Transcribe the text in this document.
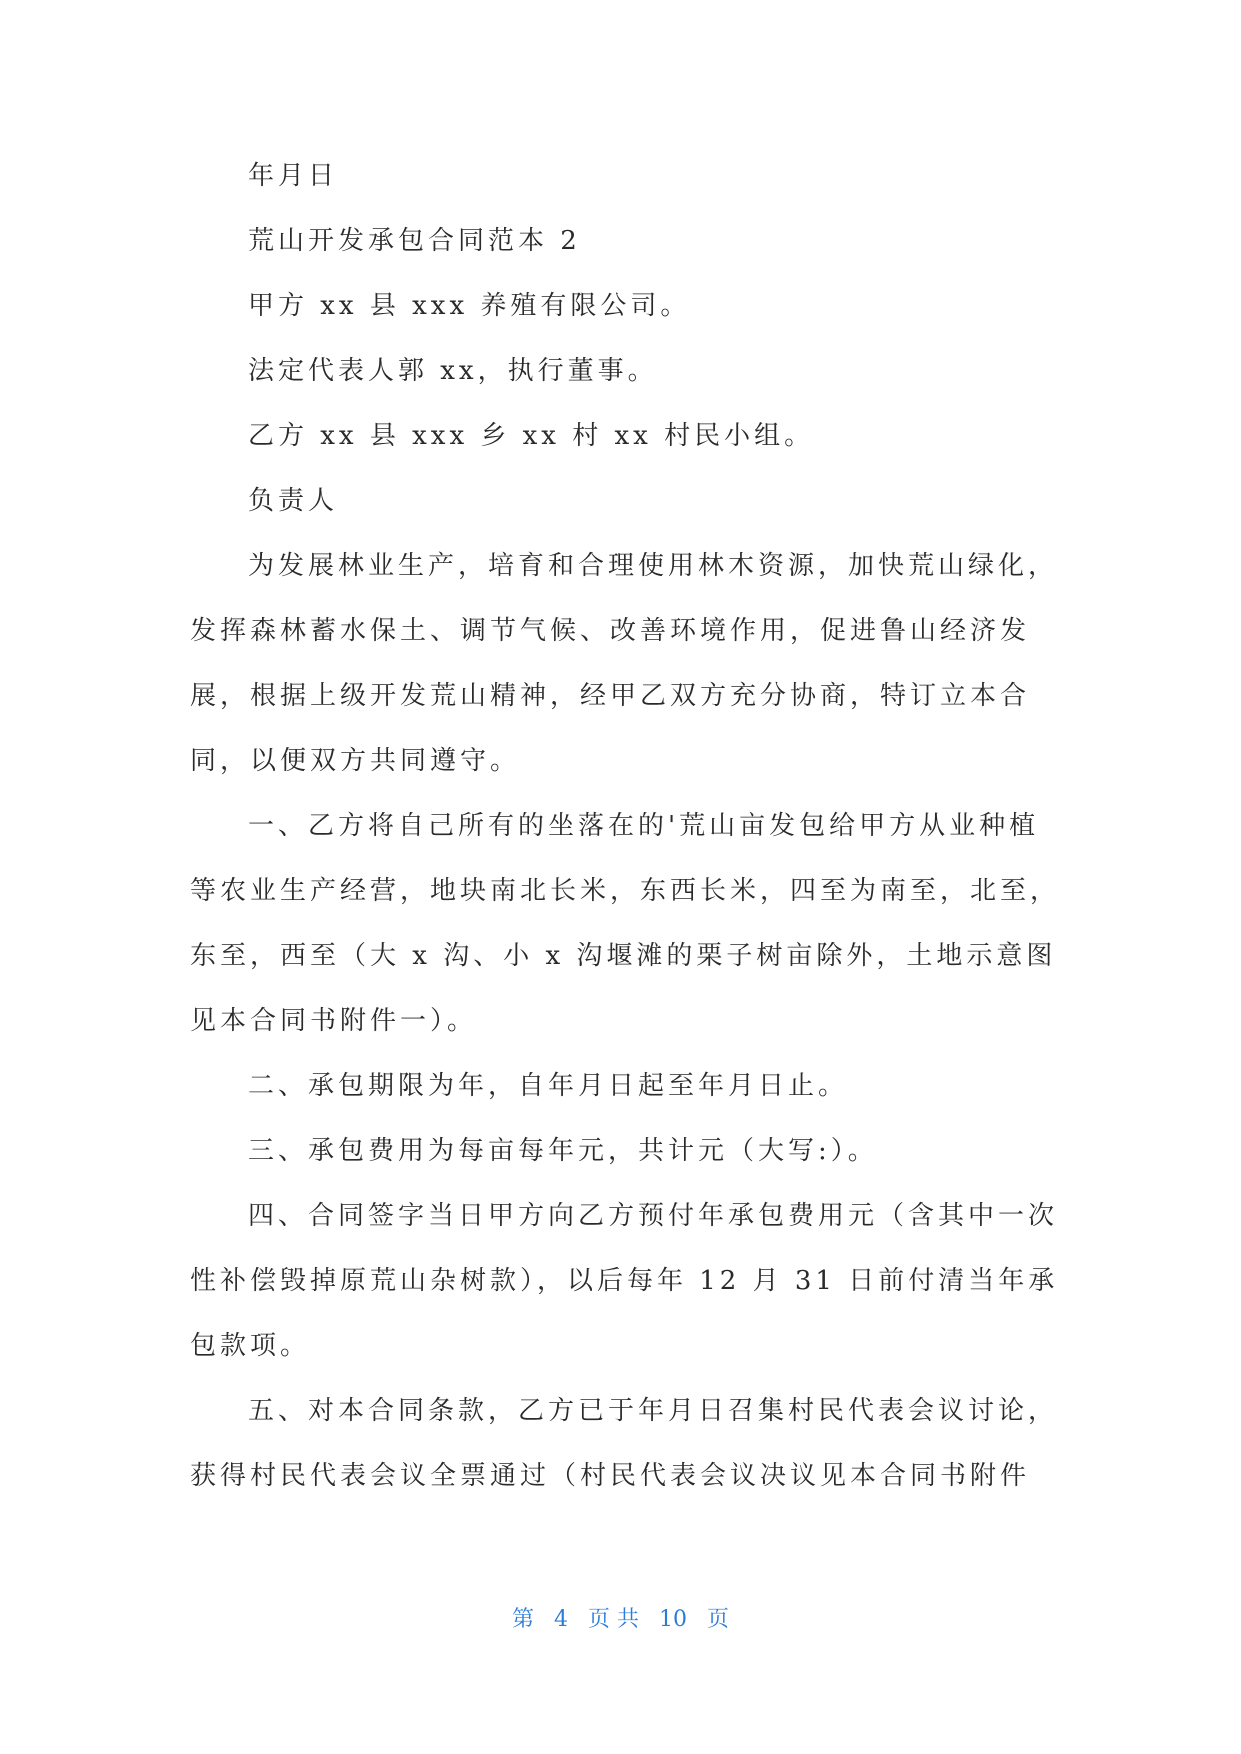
年月日

荒山开发承包合同范本 2

甲方 xx 县 xxx 养殖有限公司。

法定代表人郭 xx，执行董事。

乙方 xx 县 xxx 乡 xx 村 xx 村民小组。

负责人

为发展林业生产，培育和合理使用林木资源，加快荒山绿化，发挥森林蓄水保土、调节气候、改善环境作用，促进鲁山经济发展，根据上级开发荒山精神，经甲乙双方充分协商，特订立本合同，以便双方共同遵守。

一、乙方将自己所有的坐落在的'荒山亩发包给甲方从业种植等农业生产经营，地块南北长米，东西长米，四至为南至，北至，东至，西至（大 x 沟、小 x 沟堰滩的栗子树亩除外，土地示意图见本合同书附件一）。

二、承包期限为年，自年月日起至年月日止。

三、承包费用为每亩每年元，共计元（大写:）。

四、合同签字当日甲方向乙方预付年承包费用元（含其中一次性补偿毁掉原荒山杂树款），以后每年 12 月 31 日前付清当年承包款项。

五、对本合同条款，乙方已于年月日召集村民代表会议讨论，获得村民代表会议全票通过（村民代表会议决议见本合同书附件

第 4 页 共 10 页
